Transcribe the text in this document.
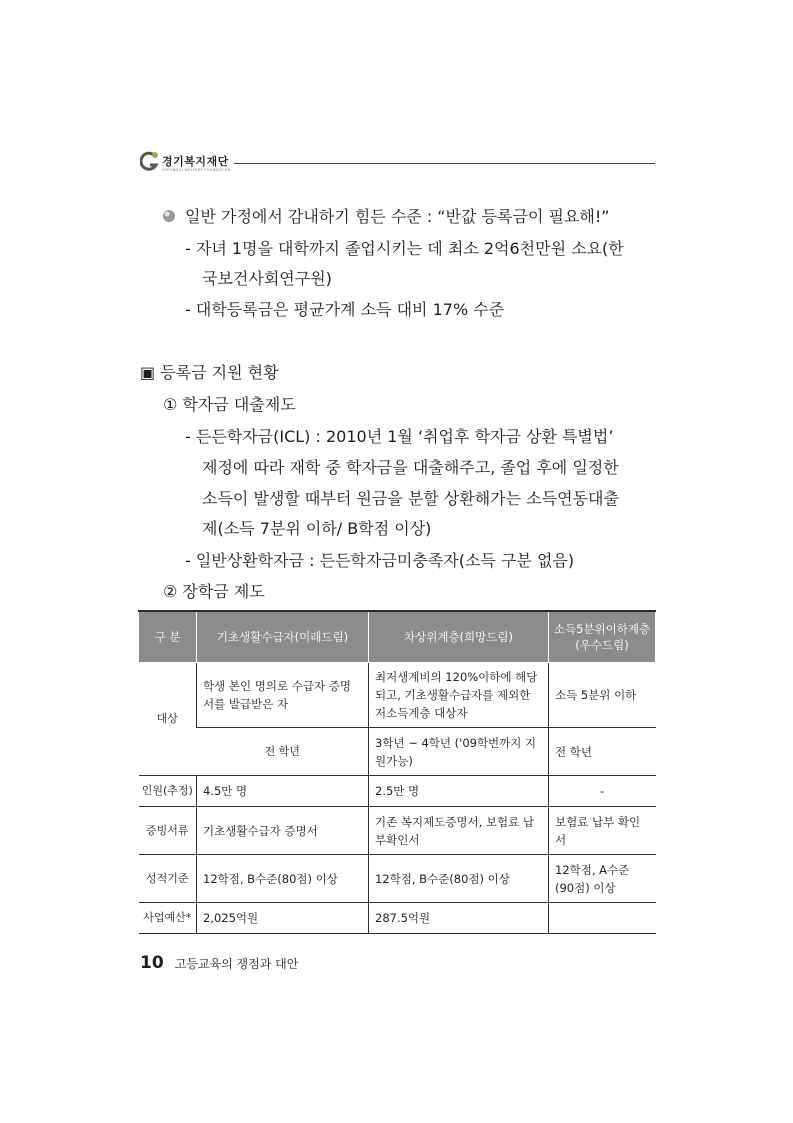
경기복지재단
GYEONGGI WELFARE FOUNDATION
일반 가정에서 감내하기 힘든 수준 : “반값 등록금이 필요해!”
- 자녀 1명을 대학까지 졸업시키는 데 최소 2억6천만원 소요(한
국보건사회연구원)
- 대학등록금은 평균가계 소득 대비 17% 수준
▣ 등록금 지원 현황
① 학자금 대출제도
- 든든학자금(ICL) : 2010년 1월 ‘취업후 학자금 상환 특별법’
제정에 따라 재학 중 학자금을 대출해주고, 졸업 후에 일정한
소득이 발생할 때부터 원금을 분할 상환해가는 소득연동대출
제(소득 7분위 이하/ B학점 이상)
- 일반상환학자금 : 든든학자금미충족자(소득 구분 없음)
② 장학금 제도
구 분	기초생활수급자(미래드림)	차상위계층(희망드림)	소득5분위이하계층(우수드림)
대상	학생 본인 명의로 수급자 증명서를 발급받은 자	최저생계비의 120%이하에 해당되고, 기초생활수급자를 제외한 저소득계층 대상자	소득 5분위 이하
	전 학년	3학년 ~ 4학년 ('09학번까지 지원가능)	전 학년
인원(추정)	4.5만 명	2.5만 명	-
증빙서류	기초생활수급자 증명서	기존 복지제도증명서, 보험료 납부확인서	보험료 납부 확인서
성적기준	12학점, B수준(80점) 이상	12학점, B수준(80점) 이상	12학점, A수준 (90점) 이상
사업예산*	2,025억원	287.5억원	
10 고등교육의 쟁점과 대안
